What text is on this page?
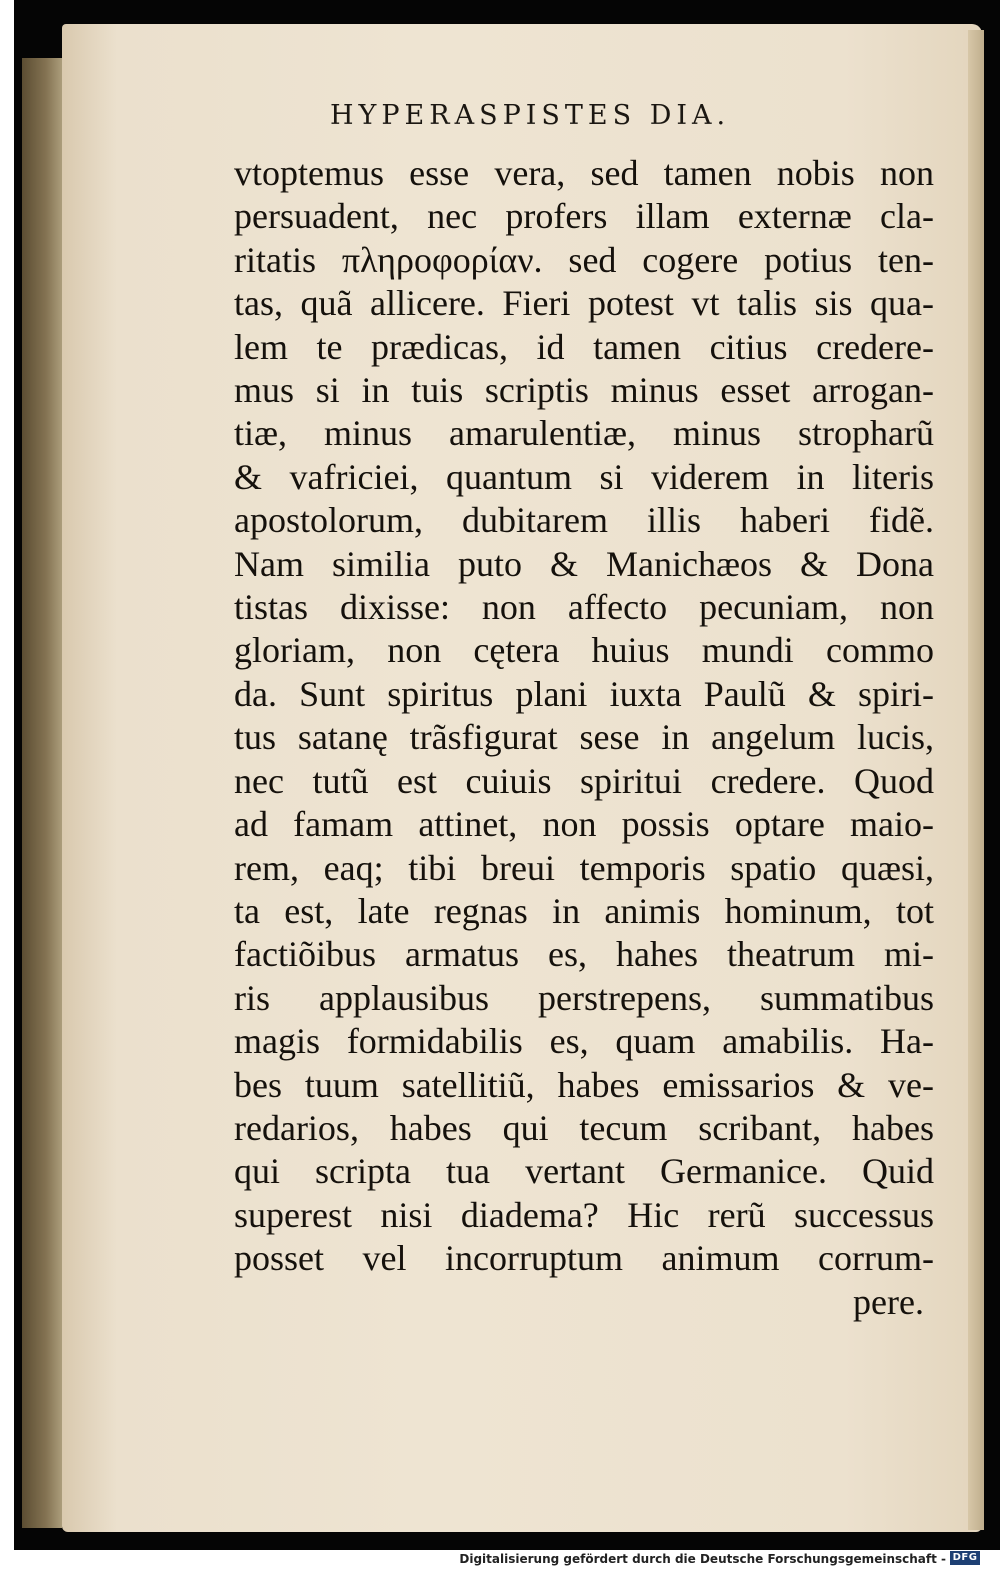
HYPERASPISTES DIA.
vtoptemus esse vera, sed tamen nobis non
persuadent, nec profers illam externæ cla-
ritatis πληροφορίαν. sed cogere potius ten-
tas, quã allicere. Fieri potest vt talis sis qua-
lem te prædicas, id tamen citius credere-
mus si in tuis scriptis minus esset arrogan-
tiæ, minus amarulentiæ, minus stropharũ
& vafriciei, quantum si viderem in literis
apostolorum, dubitarem illis haberi fidẽ.
Nam similia puto & Manichæos & Dona
tistas dixisse: non affecto pecuniam, non
gloriam, non cętera huius mundi commo
da. Sunt spiritus plani iuxta Paulũ & spiri-
tus satanę trãsfigurat sese in angelum lucis,
nec tutũ est cuiuis spiritui credere. Quod
ad famam attinet, non possis optare maio-
rem, eaq; tibi breui temporis spatio quæsi,
ta est, late regnas in animis hominum, tot
factiõibus armatus es, hahes theatrum mi-
ris applausibus perstrepens, summatibus
magis formidabilis es, quam amabilis. Ha-
bes tuum satellitiũ, habes emissarios & ve-
redarios, habes qui tecum scribant, habes
qui scripta tua vertant Germanice. Quid
superest nisi diadema? Hic rerũ successus
posset vel incorruptum animum corrum-
pere.
Digitalisierung gefördert durch die Deutsche Forschungsgemeinschaft - DFG
